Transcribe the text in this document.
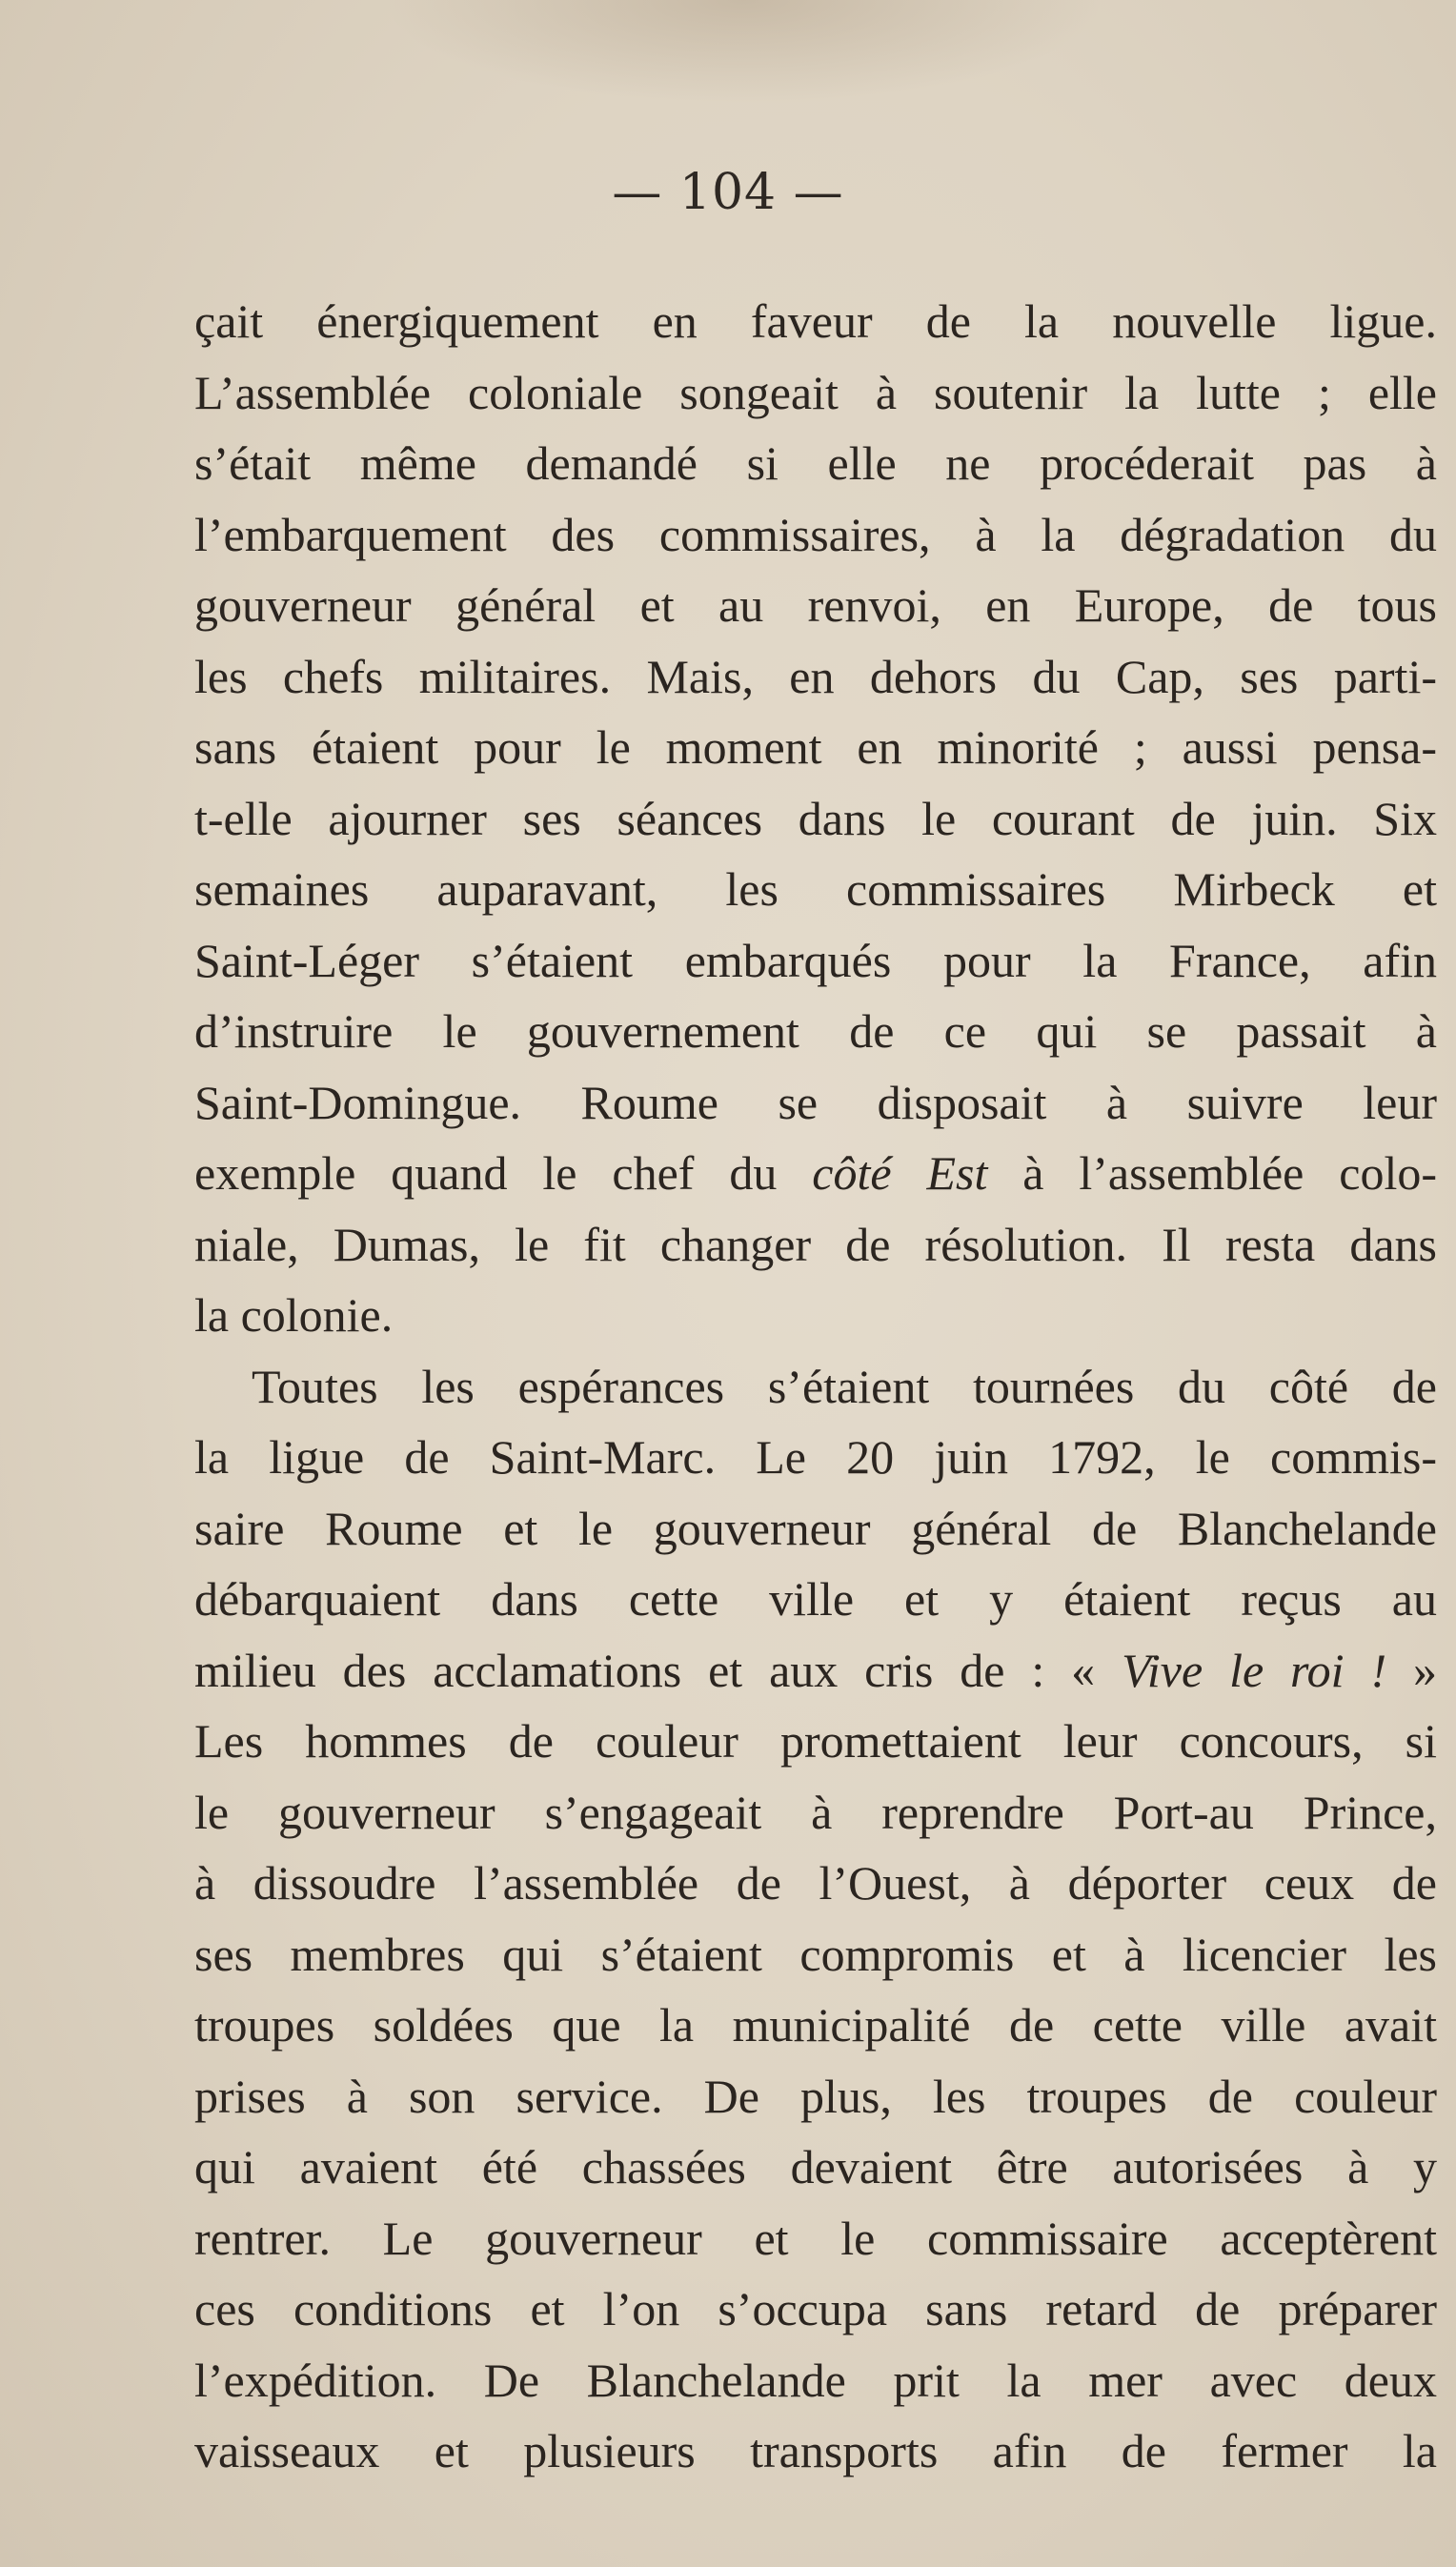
— 104 —
çait énergiquement en faveur de la nouvelle ligue.
L’assemblée coloniale songeait à soutenir la lutte ; elle
s’était même demandé si elle ne procéderait pas à
l’embarquement des commissaires, à la dégradation du
gouverneur général et au renvoi, en Europe, de tous
les chefs militaires. Mais, en dehors du Cap, ses parti-
sans étaient pour le moment en minorité ; aussi pensa-
t-elle ajourner ses séances dans le courant de juin. Six
semaines auparavant, les commissaires Mirbeck et
Saint-Léger s’étaient embarqués pour la France, afin
d’instruire le gouvernement de ce qui se passait à
Saint-Domingue. Roume se disposait à suivre leur
exemple quand le chef du côté Est à l’assemblée colo-
niale, Dumas, le fit changer de résolution. Il resta dans
la colonie.
Toutes les espérances s’étaient tournées du côté de
la ligue de Saint-Marc. Le 20 juin 1792, le commis-
saire Roume et le gouverneur général de Blanchelande
débarquaient dans cette ville et y étaient reçus au
milieu des acclamations et aux cris de : « Vive le roi ! »
Les hommes de couleur promettaient leur concours, si
le gouverneur s’engageait à reprendre Port-au Prince,
à dissoudre l’assemblée de l’Ouest, à déporter ceux de
ses membres qui s’étaient compromis et à licencier les
troupes soldées que la municipalité de cette ville avait
prises à son service. De plus, les troupes de couleur
qui avaient été chassées devaient être autorisées à y
rentrer. Le gouverneur et le commissaire acceptèrent
ces conditions et l’on s’occupa sans retard de préparer
l’expédition. De Blanchelande prit la mer avec deux
vaisseaux et plusieurs transports afin de fermer la
